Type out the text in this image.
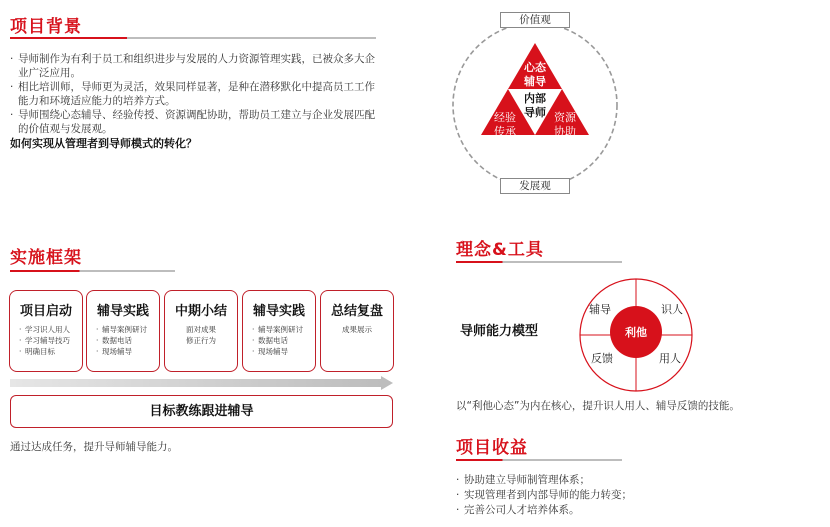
项目背景
· 导师制作为有利于员工和组织进步与发展的人力资源管理实践，已被众多大企业广泛应用。
· 相比培训师，导师更为灵活，效果同样显著，是种在潜移默化中提高员工工作能力和环境适应能力的培养方式。
· 导师围绕心态辅导、经验传授、资源调配协助，帮助员工建立与企业发展匹配的价值观与发展观。
如何实现从管理者到导师模式的转化？
心态
辅导
内部
导师
经验
传承
资源
协助
价值观
发展观
实施框架
项目启动
· 学习识人用人
· 学习辅导技巧
· 明确目标
辅导实践
· 辅导案例研讨
· 数据电话
· 现场辅导
中期小结
面对成果
修正行为
辅导实践
· 辅导案例研讨
· 数据电话
· 现场辅导
总结复盘
成果展示
目标教练跟进辅导
通过达成任务，提升导师辅导能力。
理念&工具
导师能力模型	利他
辅导	识人
反馈	用人
以“利他心态”为内在核心，提升识人用人、辅导反馈的技能。
项目收益
· 协助建立导师制管理体系；
· 实现管理者到内部导师的能力转变；
· 完善公司人才培养体系。
